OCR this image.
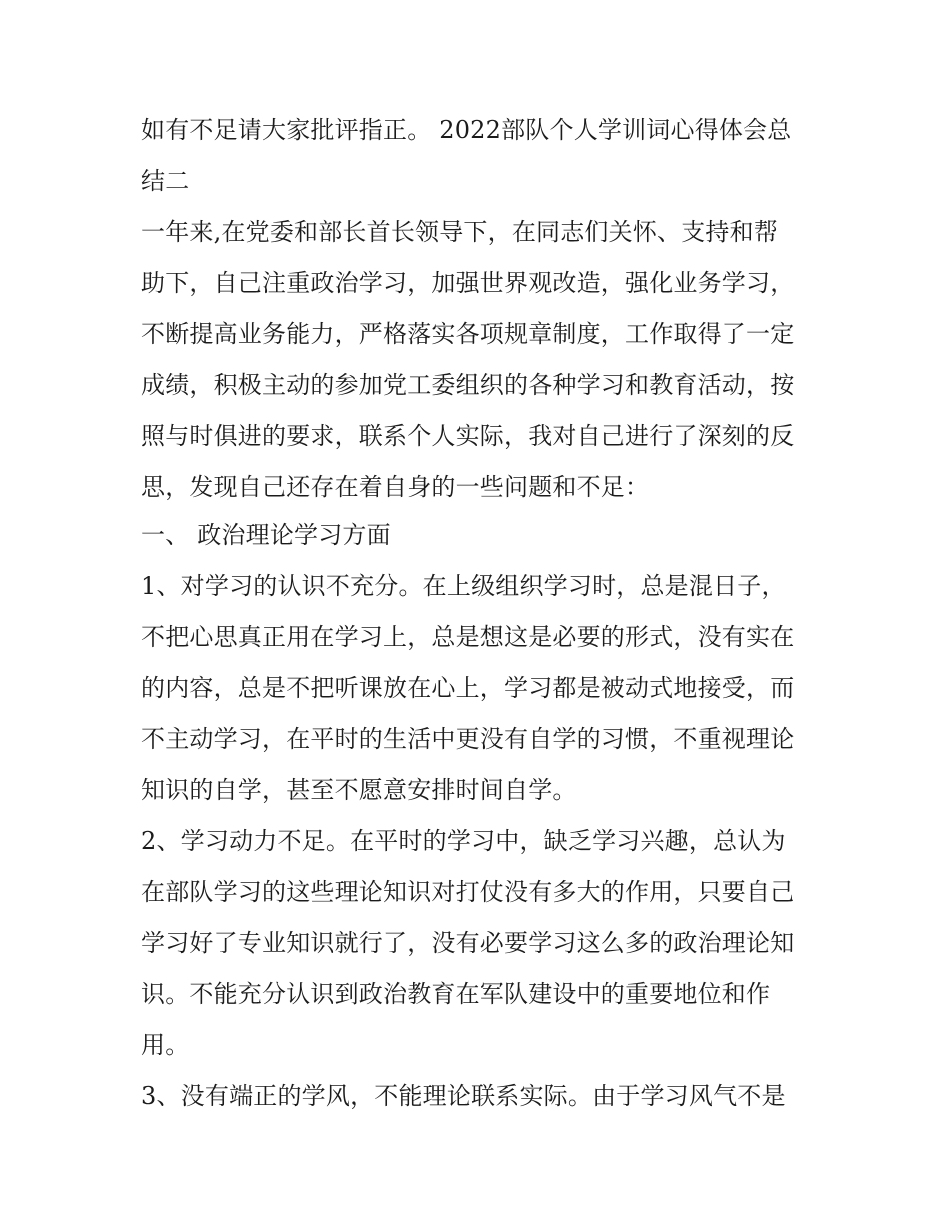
如有不足请大家批评指正。 2022部队个人学训词心得体会总
结二
一年来,在党委和部长首长领导下，在同志们关怀、支持和帮
助下，自己注重政治学习，加强世界观改造，强化业务学习，
不断提高业务能力，严格落实各项规章制度，工作取得了一定
成绩，积极主动的参加党工委组织的各种学习和教育活动，按
照与时俱进的要求，联系个人实际，我对自己进行了深刻的反
思，发现自己还存在着自身的一些问题和不足：
一、 政治理论学习方面
1、对学习的认识不充分。在上级组织学习时，总是混日子，
不把心思真正用在学习上，总是想这是必要的形式，没有实在
的内容，总是不把听课放在心上，学习都是被动式地接受，而
不主动学习，在平时的生活中更没有自学的习惯，不重视理论
知识的自学，甚至不愿意安排时间自学。
2、学习动力不足。在平时的学习中，缺乏学习兴趣，总认为
在部队学习的这些理论知识对打仗没有多大的作用，只要自己
学习好了专业知识就行了，没有必要学习这么多的政治理论知
识。不能充分认识到政治教育在军队建设中的重要地位和作
用。
3、没有端正的学风，不能理论联系实际。由于学习风气不是
